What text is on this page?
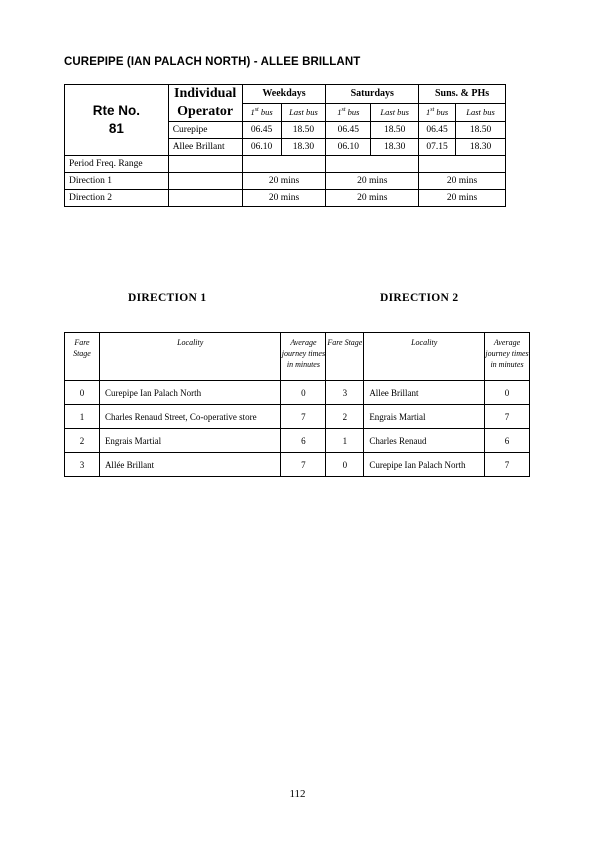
CUREPIPE (IAN PALACH NORTH) - ALLEE BRILLANT
Rte No.
81	Individual
Operator	Weekdays		Saturdays		Suns. & PHs	
		1st bus	Last bus	1st bus	Last bus	1st bus	Last bus
	Curepipe	06.45	18.50	06.45	18.50	06.45	18.50
	Allee Brillant	06.10	18.30	06.10	18.30	07.15	18.30
Period Freq. Range							
Direction 1		20 mins		20 mins		20 mins	
Direction 2		20 mins		20 mins		20 mins	
DIRECTION 1	DIRECTION 2
Fare Stage	Locality	Average journey times in minutes	Fare Stage	Locality	Average journey times in minutes
0	Curepipe Ian Palach North	0	3	Allee Brillant	0
1	Charles Renaud Street, Co-operative store	7	2	Engrais Martial	7
2	Engrais Martial	6	1	Charles Renaud	6
3	Allée Brillant	7	0	Curepipe Ian Palach North	7
112
